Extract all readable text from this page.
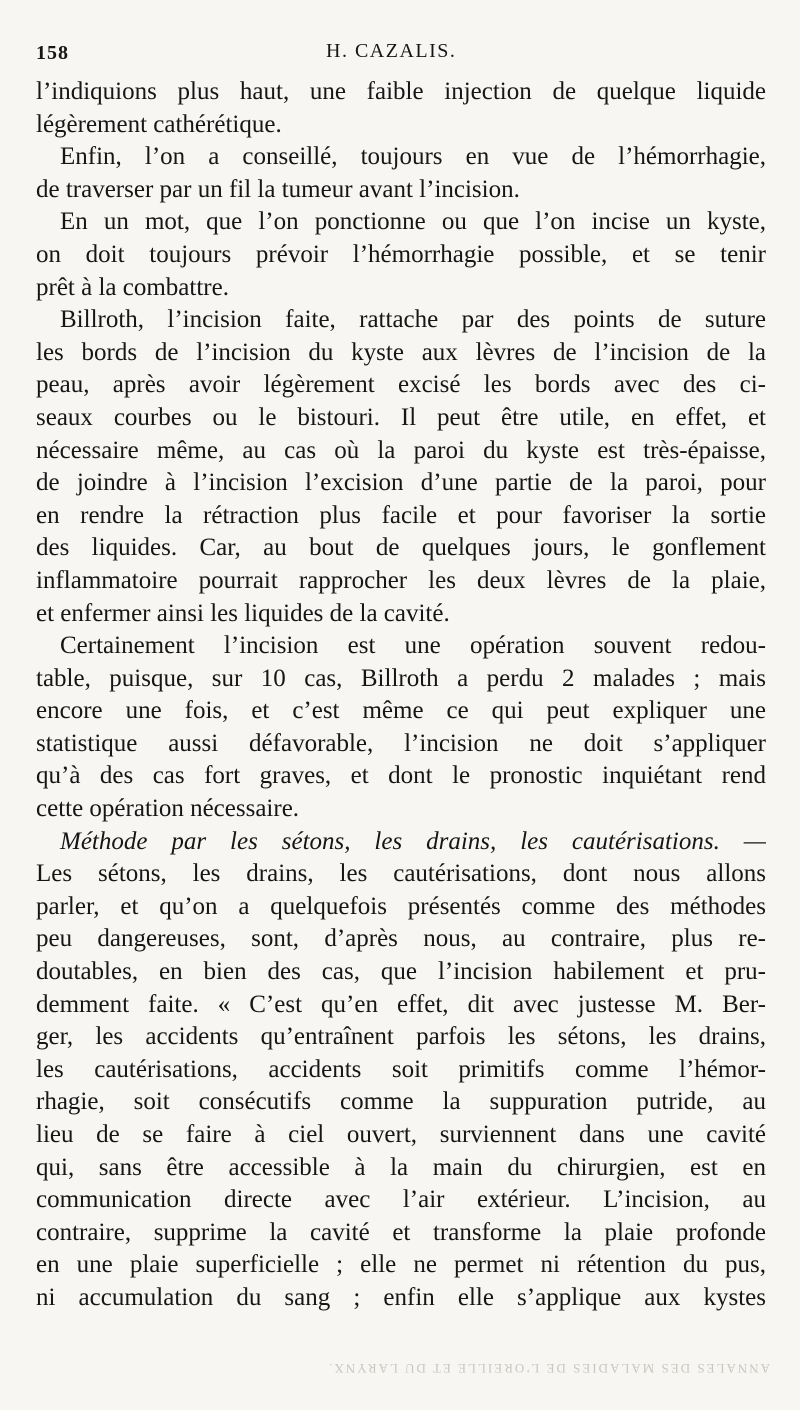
158	H. CAZALIS.
l’indiquions plus haut, une faible injection de quelque liquide
légèrement cathérétique.
Enfin, l’on a conseillé, toujours en vue de l’hémorrhagie,
de traverser par un fil la tumeur avant l’incision.
En un mot, que l’on ponctionne ou que l’on incise un kyste,
on doit toujours prévoir l’hémorrhagie possible, et se tenir
prêt à la combattre.
Billroth, l’incision faite, rattache par des points de suture
les bords de l’incision du kyste aux lèvres de l’incision de la
peau, après avoir légèrement excisé les bords avec des ci-
seaux courbes ou le bistouri. Il peut être utile, en effet, et
nécessaire même, au cas où la paroi du kyste est très-épaisse,
de joindre à l’incision l’excision d’une partie de la paroi, pour
en rendre la rétraction plus facile et pour favoriser la sortie
des liquides. Car, au bout de quelques jours, le gonflement
inflammatoire pourrait rapprocher les deux lèvres de la plaie,
et enfermer ainsi les liquides de la cavité.
Certainement l’incision est une opération souvent redou-
table, puisque, sur 10 cas, Billroth a perdu 2 malades ; mais
encore une fois, et c’est même ce qui peut expliquer une
statistique aussi défavorable, l’incision ne doit s’appliquer
qu’à des cas fort graves, et dont le pronostic inquiétant rend
cette opération nécessaire.
Méthode par les sétons, les drains, les cautérisations. —
Les sétons, les drains, les cautérisations, dont nous allons
parler, et qu’on a quelquefois présentés comme des méthodes
peu dangereuses, sont, d’après nous, au contraire, plus re-
doutables, en bien des cas, que l’incision habilement et pru-
demment faite. « C’est qu’en effet, dit avec justesse M. Ber-
ger, les accidents qu’entraînent parfois les sétons, les drains,
les cautérisations, accidents soit primitifs comme l’hémor-
rhagie, soit consécutifs comme la suppuration putride, au
lieu de se faire à ciel ouvert, surviennent dans une cavité
qui, sans être accessible à la main du chirurgien, est en
communication directe avec l’air extérieur. L’incision, au
contraire, supprime la cavité et transforme la plaie profonde
en une plaie superficielle ; elle ne permet ni rétention du pus,
ni accumulation du sang ; enfin elle s’applique aux kystes
ANNALES DES MALADIES DE L’OREILLE ET DU LARYNX.
